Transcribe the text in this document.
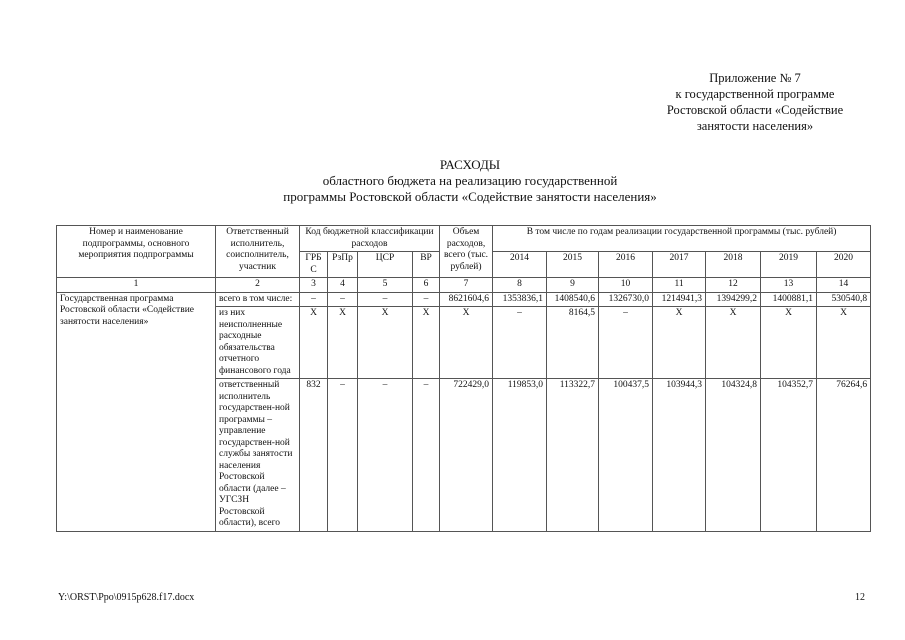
Приложение № 7
к государственной программе
Ростовской области «Содействие
занятости населения»
РАСХОДЫ
областного бюджета на реализацию государственной
программы Ростовской области «Содействие занятости населения»
Номер и наименование подпрограммы, основного мероприятия подпрограммы	Ответственный исполнитель, соисполнитель, участник	Код бюджетной классификации расходов				Объем расходов, всего (тыс. рублей)	В том числе по годам реализации государственной программы (тыс. рублей)						
		ГРБС	РзПр	ЦСР	ВР		2014	2015	2016	2017	2018	2019	2020
1	2	3	4	5	6	7	8	9	10	11	12	13	14
Государственная программа Ростовской области «Содействие занятости населения»	всего в том числе:	–	–	–	–	8621604,6	1353836,1	1408540,6	1326730,0	1214941,3	1394299,2	1400881,1	530540,8
	из них неисполненные расходные обязательства отчетного финансового года	X	X	X	X	X	–	8164,5	–	X	X	X	X
	ответственный исполнитель государствен-ной программы – управление государствен-ной службы занятости населения Ростовской области (далее – УГСЗН Ростовской области), всего	832	–	–	–	722429,0	119853,0	113322,7	100437,5	103944,3	104324,8	104352,7	76264,6
Y:\ORST\Ppo\0915p628.f17.docx	12
